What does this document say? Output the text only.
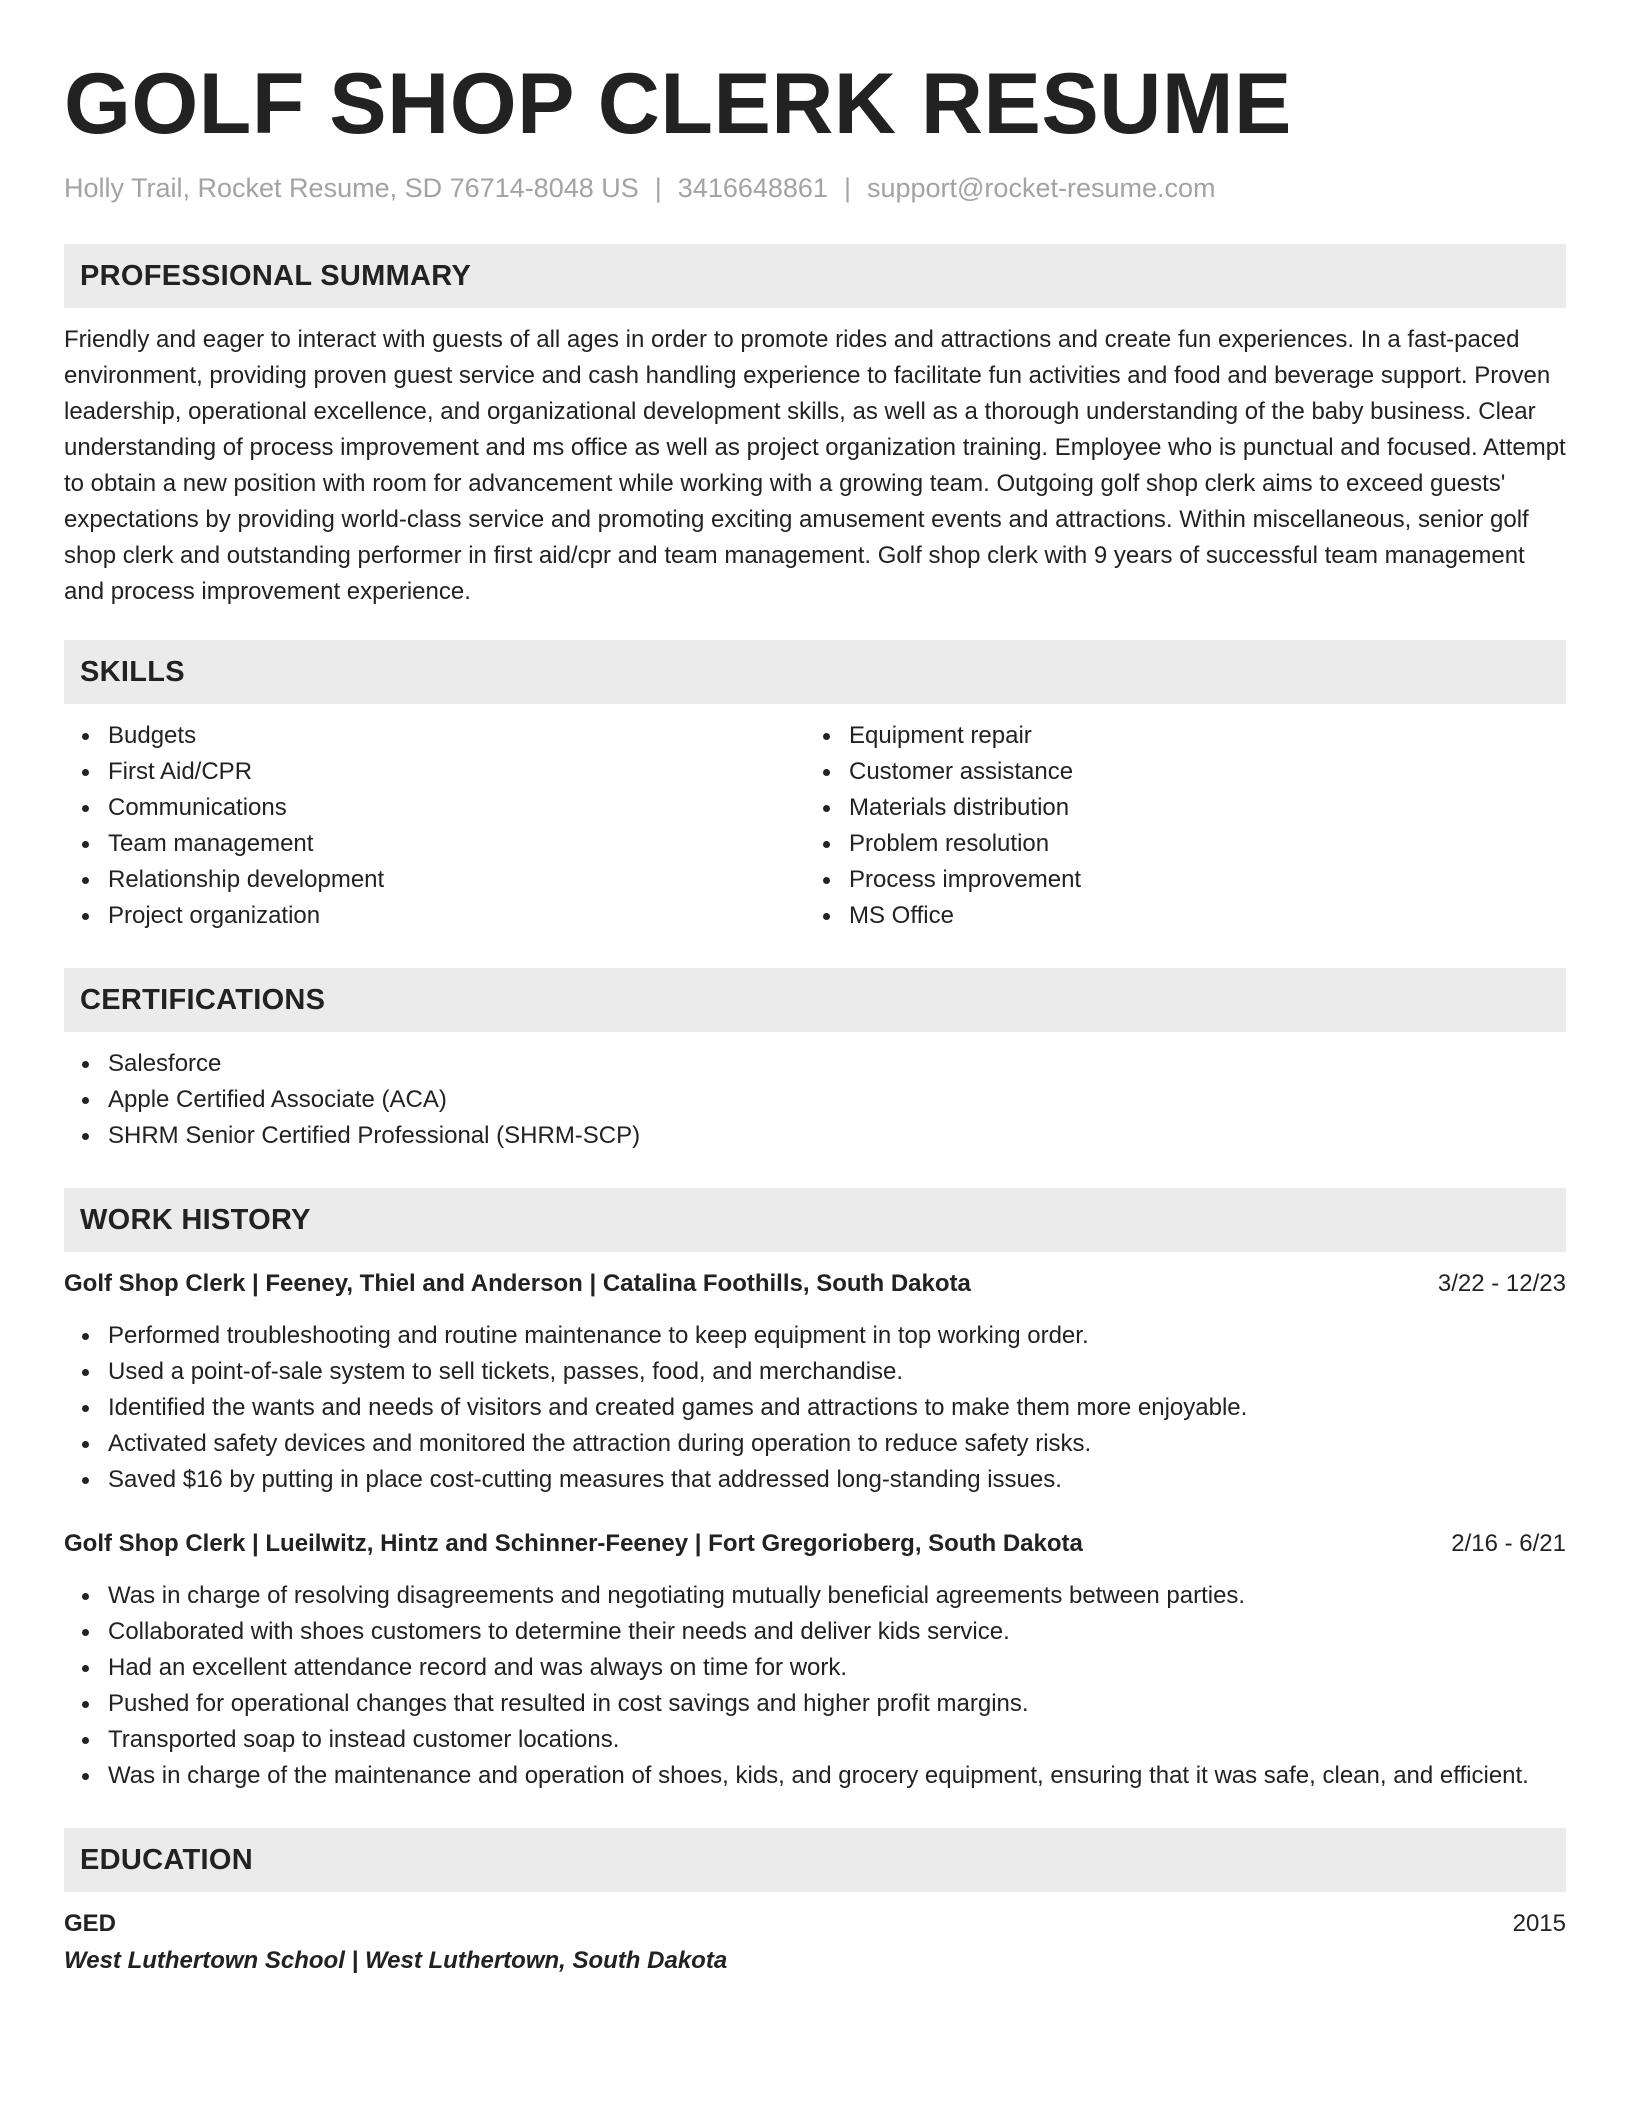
GOLF SHOP CLERK RESUME
Holly Trail, Rocket Resume, SD 76714-8048 US | 3416648861 | support@rocket-resume.com
PROFESSIONAL SUMMARY

Friendly and eager to interact with guests of all ages in order to promote rides and attractions and create fun experiences. In a fast-paced environment, providing proven guest service and cash handling experience to facilitate fun activities and food and beverage support. Proven leadership, operational excellence, and organizational development skills, as well as a thorough understanding of the baby business. Clear understanding of process improvement and ms office as well as project organization training. Employee who is punctual and focused. Attempt to obtain a new position with room for advancement while working with a growing team. Outgoing golf shop clerk aims to exceed guests' expectations by providing world-class service and promoting exciting amusement events and attractions. Within miscellaneous, senior golf shop clerk and outstanding performer in first aid/cpr and team management. Golf shop clerk with 9 years of successful team management and process improvement experience.

SKILLS
Budgets
First Aid/CPR
Communications
Team management
Relationship development
Project organization
Equipment repair
Customer assistance
Materials distribution
Problem resolution
Process improvement
MS Office
CERTIFICATIONS
Salesforce
Apple Certified Associate (ACA)
SHRM Senior Certified Professional (SHRM-SCP)
WORK HISTORY
Golf Shop Clerk | Feeney, Thiel and Anderson | Catalina Foothills, South Dakota	3/22 - 12/23
Performed troubleshooting and routine maintenance to keep equipment in top working order.
Used a point-of-sale system to sell tickets, passes, food, and merchandise.
Identified the wants and needs of visitors and created games and attractions to make them more enjoyable.
Activated safety devices and monitored the attraction during operation to reduce safety risks.
Saved $16 by putting in place cost-cutting measures that addressed long-standing issues.
Golf Shop Clerk | Lueilwitz, Hintz and Schinner-Feeney | Fort Gregorioberg, South Dakota	2/16 - 6/21
Was in charge of resolving disagreements and negotiating mutually beneficial agreements between parties.
Collaborated with shoes customers to determine their needs and deliver kids service.
Had an excellent attendance record and was always on time for work.
Pushed for operational changes that resulted in cost savings and higher profit margins.
Transported soap to instead customer locations.
Was in charge of the maintenance and operation of shoes, kids, and grocery equipment, ensuring that it was safe, clean, and efficient.
EDUCATION
GED	2015
West Luthertown School | West Luthertown, South Dakota
